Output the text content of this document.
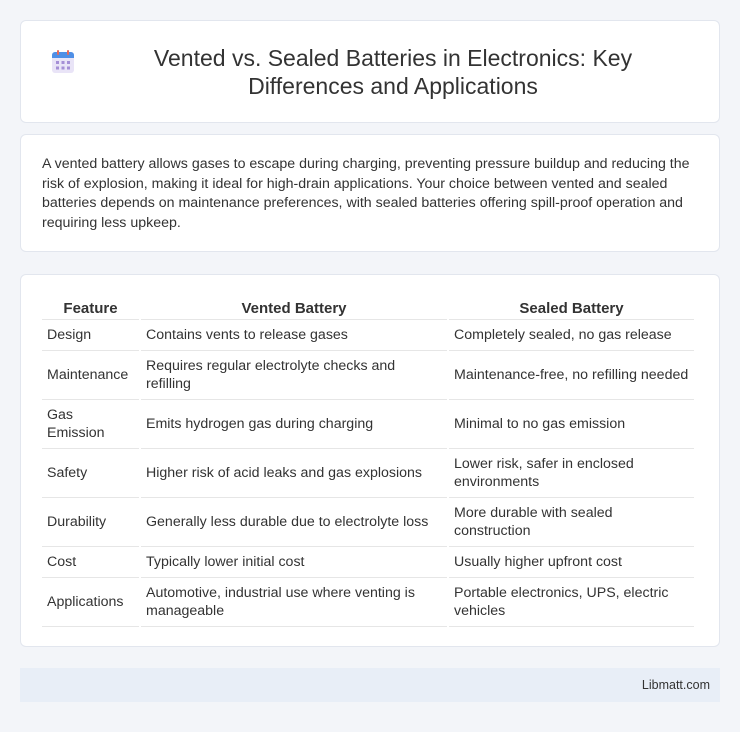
Vented vs. Sealed Batteries in Electronics: Key Differences and Applications

A vented battery allows gases to escape during charging, preventing pressure buildup and reducing the risk of explosion, making it ideal for high-drain applications. Your choice between vented and sealed batteries depends on maintenance preferences, with sealed batteries offering spill-proof operation and requiring less upkeep.

Feature	Vented Battery	Sealed Battery
Design	Contains vents to release gases	Completely sealed, no gas release
Maintenance	Requires regular electrolyte checks and refilling	Maintenance-free, no refilling needed
Gas Emission	Emits hydrogen gas during charging	Minimal to no gas emission
Safety	Higher risk of acid leaks and gas explosions	Lower risk, safer in enclosed environments
Durability	Generally less durable due to electrolyte loss	More durable with sealed construction
Cost	Typically lower initial cost	Usually higher upfront cost
Applications	Automotive, industrial use where venting is manageable	Portable electronics, UPS, electric vehicles
Libmatt.com
